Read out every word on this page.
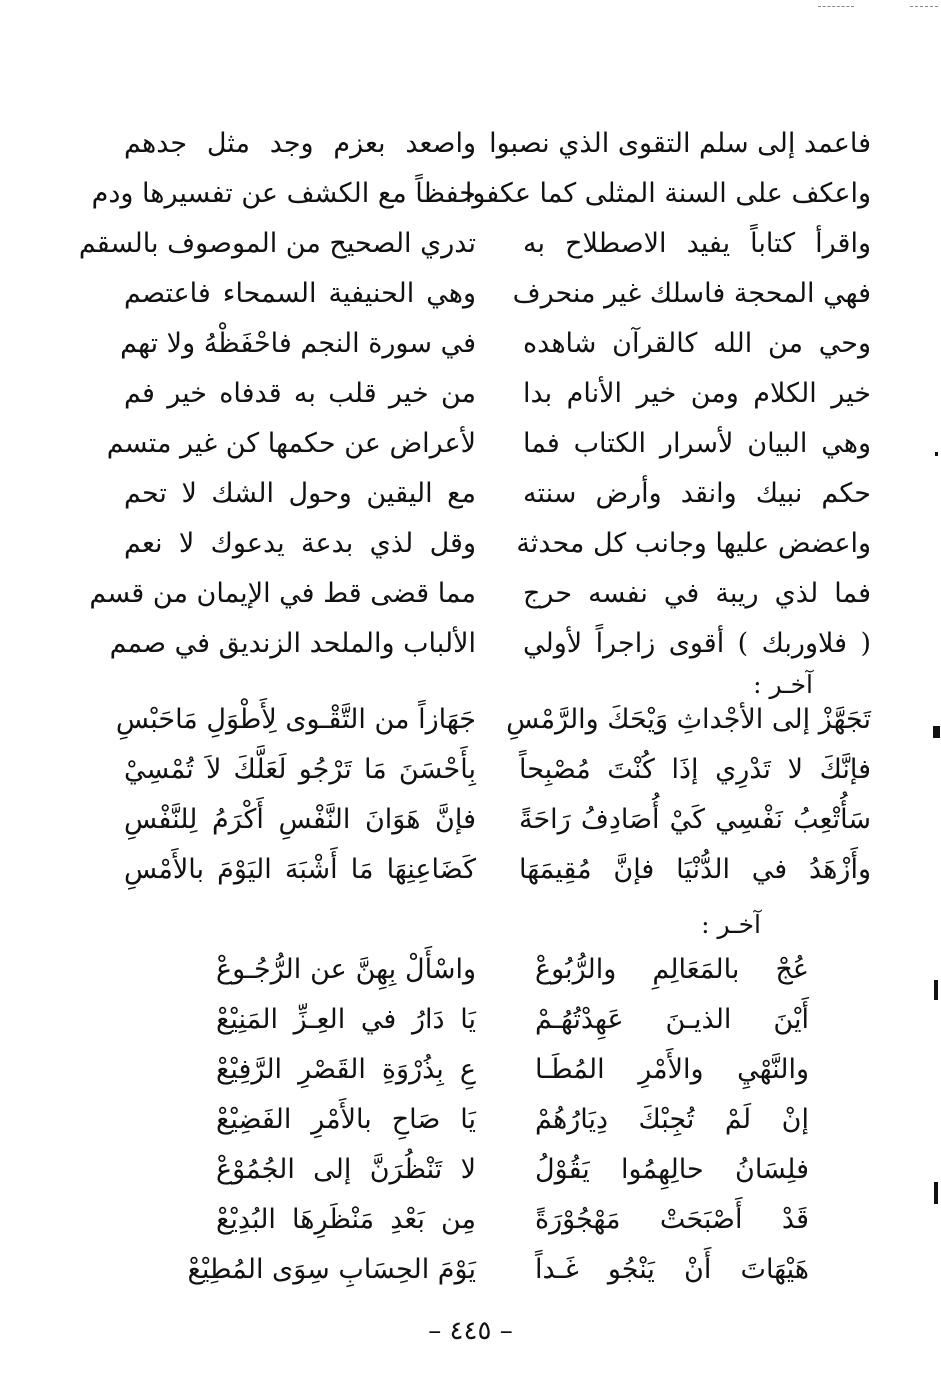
فاعمد إلى سلم التقوى الذي نصبوا
واصعد بعزم وجد مثل جدهم
واعكف على السنة المثلى كما عكفوا
حفظاً مع الكشف عن تفسيرها ودم
واقرأ كتاباً يفيد الاصطلاح به
تدري الصحيح من الموصوف بالسقم
فهي المحجة فاسلك غير منحرف
وهي الحنيفية السمحاء فاعتصم
وحي من الله كالقرآن شاهده
في سورة النجم فاحْفَظْهُ ولا تهم
خير الكلام ومن خير الأنام بدا
من خير قلب به قدفاه خير فم
وهي البيان لأسرار الكتاب فما
لأعراض عن حكمها كن غير متسم
حكم نبيك وانقد وأرض سنته
مع اليقين وحول الشك لا تحم
واعضض عليها وجانب كل محدثة
وقل لذي بدعة يدعوك لا نعم
فما لذي ريبة في نفسه حرج
مما قضى قط في الإيمان من قسم
( فلاوربك ) أقوى زاجراً لأولي
الألباب والملحد الزنديق في صمم
آخـر :
تَجَهَّزْ إلى الأجْداثِ وَيْحَكَ والرَّمْسِ
جَهَازاً من التَّقْـوى لِأَطْوَلِ مَاحَبْسِ
فإنَّكَ لا تَدْرِي إذَا كُنْتَ مُصْبِحاً
بِأَحْسَنَ مَا تَرْجُو لَعَلَّكَ لاَ تُمْسِيْ
سَأُتْعِبُ نَفْسِي كَيْ أُصَادِفُ رَاحَةً
فإنَّ هَوَانَ النَّفْسِ أَكْرَمُ لِلنَّفْسِ
وأَزْهَدُ في الدُّنْيَا فإنَّ مُقِيمَهَا
كَضَاعِنِهَا مَا أَشْبَهَ اليَوْمَ بالأَمْسِ
آخـر :
عُجْ بالمَعَالِمِ والرُّبُوعْ
واسْأَلْ بِهِنَّ عن الرُّجُـوعْ
أَيْنَ الذيـنَ عَهِدْتُهُـمْ
يَا دَارُ في العِـزِّ المَنِيْعْ
والنَّهْيِ والأَمْرِ المُطَـا
عِ بِذُرْوَةِ القَصْرِ الرَّفِيْعْ
إنْ لَمْ تُجِبْكَ دِيَارُهُمْ
يَا صَاحِ بالأَمْرِ الفَضِيْعْ
فلِسَانُ حالِهِمُوا يَقُوْلُ
لا تَنْظُرَنَّ إلى الجُمُوْعْ
قَدْ أَصْبَحَتْ مَهْجُوْرَةً
مِن بَعْدِ مَنْظَرِهَا البُدِيْعْ
هَيْهَاتَ أَنْ يَنْجُو غَـداً
يَوْمَ الحِسَابِ سِوَى المُطِيْعْ
– ٤٤٥ –
